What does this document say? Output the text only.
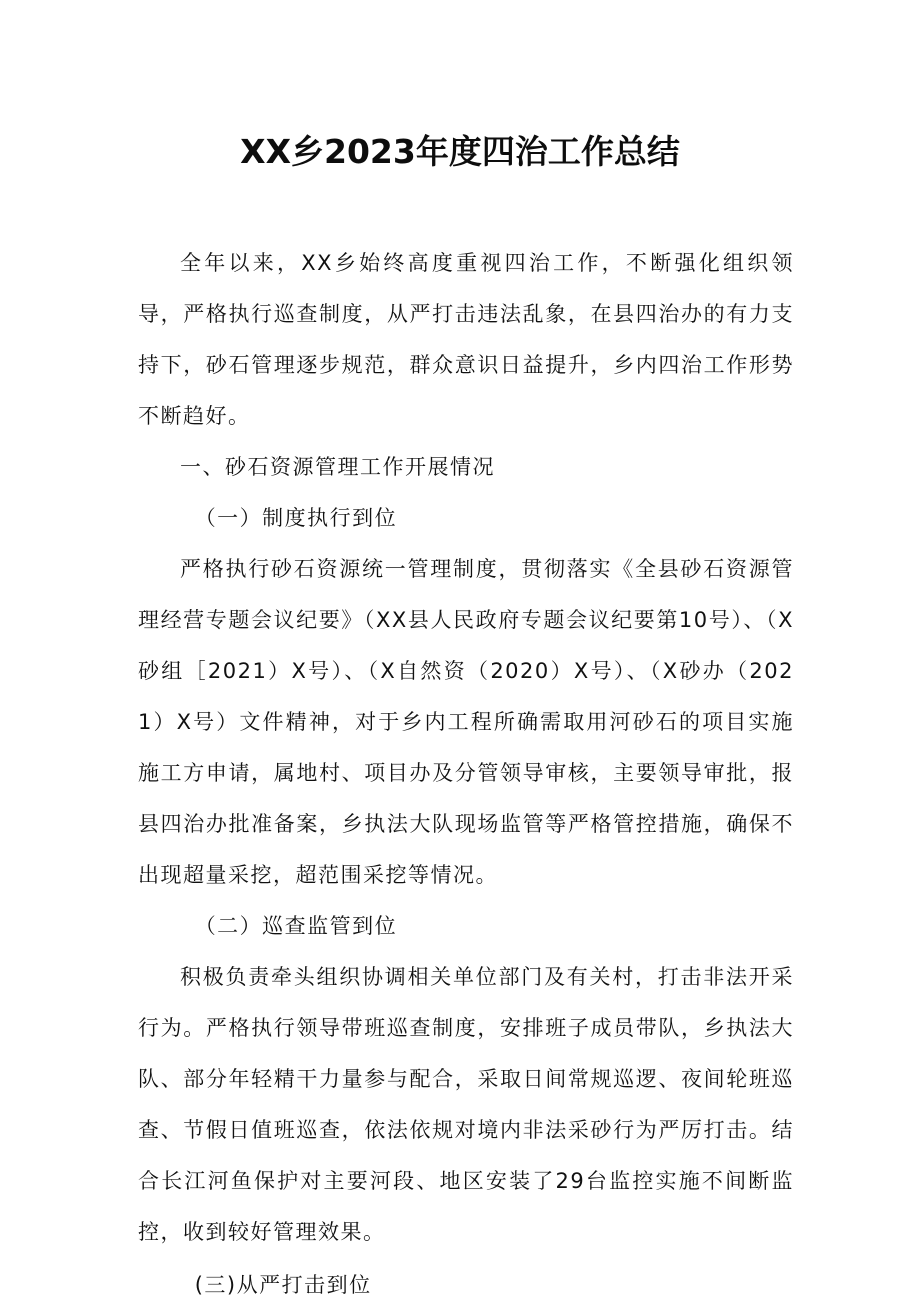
XX乡2023年度四治工作总结

全年以来，XX乡始终高度重视四治工作，不断强化组织领导，严格执行巡查制度，从严打击违法乱象，在县四治办的有力支持下，砂石管理逐步规范，群众意识日益提升，乡内四治工作形势不断趋好。

一、砂石资源管理工作开展情况

（一）制度执行到位

严格执行砂石资源统一管理制度，贯彻落实《全县砂石资源管理经营专题会议纪要》（XX县人民政府专题会议纪要第10号）、（X砂组［2021）X号）、（X自然资（2020）X号）、（X砂办（2021）X号）文件精神，对于乡内工程所确需取用河砂石的项目实施施工方申请，属地村、项目办及分管领导审核，主要领导审批，报县四治办批准备案，乡执法大队现场监管等严格管控措施，确保不出现超量采挖，超范围采挖等情况。

（二）巡查监管到位

积极负责牵头组织协调相关单位部门及有关村，打击非法开采行为。严格执行领导带班巡查制度，安排班子成员带队，乡执法大队、部分年轻精干力量参与配合，采取日间常规巡逻、夜间轮班巡查、节假日值班巡查，依法依规对境内非法采砂行为严厉打击。结合长江河鱼保护对主要河段、地区安装了29台监控实施不间断监控，收到较好管理效果。

(三)从严打击到位
